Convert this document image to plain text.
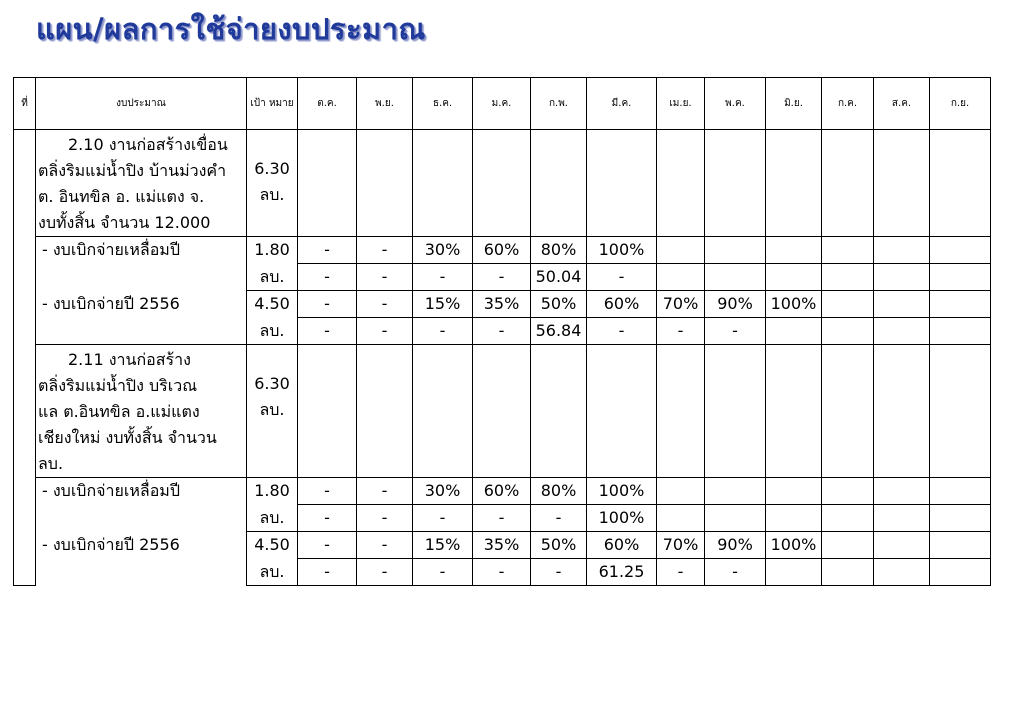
แผน/ผลการใช้จ่ายงบประมาณ
ที่	งบประมาณ	เป้า หมาย	ต.ค.	พ.ย.	ธ.ค.	ม.ค.	ก.พ.	มี.ค.	เม.ย.	พ.ค.	มิ.ย.	ก.ค.	ส.ค.	ก.ย.

	2.10 งานก่อสร้างเขื่อน
ตลิ่งริมแม่น้ำปิง บ้านม่วงคำ
ต. อินทขิล อ. แม่แตง จ.
งบทั้งสิ้น จำนวน 12.000	6.30
ลบ.												

	- งบเบิกจ่ายเหลื่อมปี	1.80	-	-	30%	60%	80%	100%						
		ลบ.	-	-	-	-	50.04	-						
	- งบเบิกจ่ายปี 2556	4.50	-	-	15%	35%	50%	60%	70%	90%	100%			
		ลบ.	-	-	-	-	56.84	-	-	-				

	2.11 งานก่อสร้าง
ตลิ่งริมแม่น้ำปิง บริเวณ
แล ต.อินทขิล อ.แม่แตง
เชียงใหม่ งบทั้งสิ้น จำนวน
ลบ.	6.30
ลบ.												

	- งบเบิกจ่ายเหลื่อมปี	1.80	-	-	30%	60%	80%	100%						
		ลบ.	-	-	-	-	-	100%						
	- งบเบิกจ่ายปี 2556	4.50	-	-	15%	35%	50%	60%	70%	90%	100%			
		ลบ.	-	-	-	-	-	61.25	-	-				
